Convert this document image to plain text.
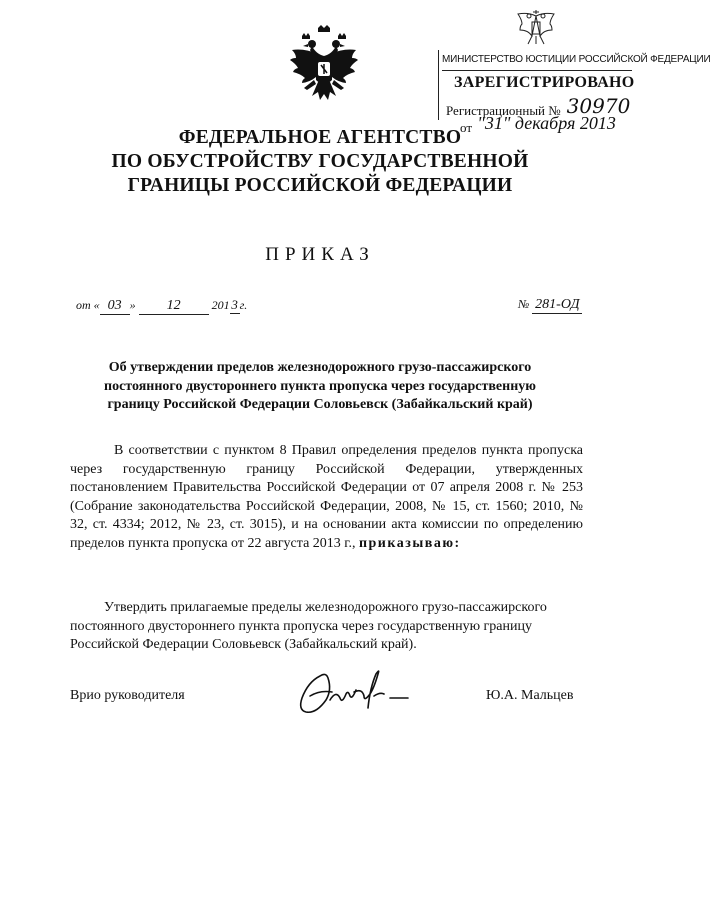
МИНИСТЕРСТВО ЮСТИЦИИ РОССИЙСКОЙ ФЕДЕРАЦИИ
ЗАРЕГИСТРИРОВАНО
Регистрационный № 30970
от "31" декабря 2013
ФЕДЕРАЛЬНОЕ АГЕНТСТВО
ПО ОБУСТРОЙСТВУ ГОСУДАРСТВЕННОЙ
ГРАНИЦЫ РОССИЙСКОЙ ФЕДЕРАЦИИ
ПРИКАЗ
от « 03 » 12	201 3 г.	№ 281-ОД
Об утверждении пределов железнодорожного грузо-пассажирского
постоянного двустороннего пункта пропуска через государственную
границу Российской Федерации Соловьевск (Забайкальский край)
В соответствии с пунктом 8 Правил определения пределов пункта пропуска через государственную границу Российской Федерации, утвержденных постановлением Правительства Российской Федерации от 07 апреля 2008 г. № 253 (Собрание законодательства Российской Федерации, 2008, № 15, ст. 1560; 2010, № 32, ст. 4334; 2012, № 23, ст. 3015), и на основании акта комиссии по определению пределов пункта пропуска от 22 августа 2013 г., приказываю:
Утвердить прилагаемые пределы железнодорожного грузо-пассажирского постоянного двустороннего пункта пропуска через государственную границу Российской Федерации Соловьевск (Забайкальский край).
Врио руководителя	Ю.А. Мальцев
